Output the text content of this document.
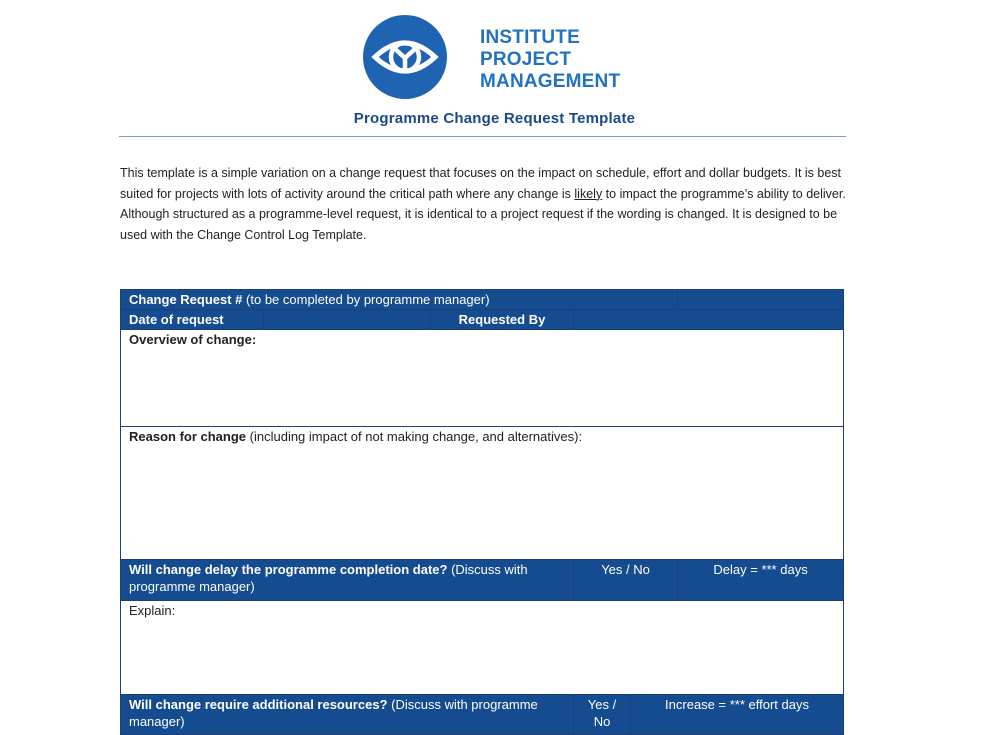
INSTITUTE
PROJECT
MANAGEMENT
Programme Change Request Template
This template is a simple variation on a change request that focuses on the impact on schedule, effort and dollar budgets. It is best suited for projects with lots of activity around the critical path where any change is likely to impact the programme’s ability to deliver. Although structured as a programme-level request, it is identical to a project request if the wording is changed. It is designed to be used with the Change Control Log Template.
Change Request # (to be completed by programme manager)					
Date of request		Requested By			
Overview of change:					
Reason for change (including impact of not making change, and alternatives):					
Will change delay the programme completion date? (Discuss with programme manager)			Yes / No		Delay = *** days
Explain:					
Will change require additional resources? (Discuss with programme manager)			Yes / No	Increase = *** effort days	
